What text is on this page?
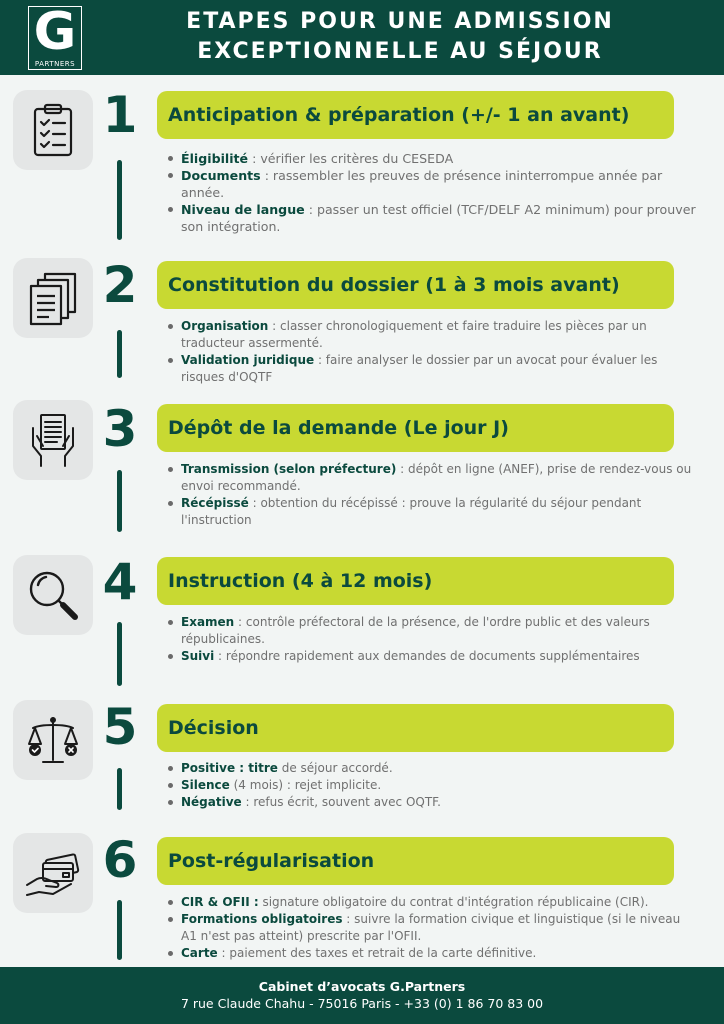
G
PARTNERS
ETAPES POUR UNE ADMISSION
EXCEPTIONNELLE AU SÉJOUR
1	Anticipation & préparation (+/- 1 an avant)
Éligibilité : vérifier les critères du CESEDA
Documents : rassembler les preuves de présence ininterrompue année par année.
Niveau de langue : passer un test officiel (TCF/DELF A2 minimum) pour prouver son intégration.
2	Constitution du dossier (1 à 3 mois avant)
Organisation : classer chronologiquement et faire traduire les pièces par un traducteur assermenté.
Validation juridique : faire analyser le dossier par un avocat pour évaluer les risques d'OQTF
3	Dépôt de la demande (Le jour J)
Transmission (selon préfecture) : dépôt en ligne (ANEF), prise de rendez-vous ou envoi recommandé.
Récépissé : obtention du récépissé : prouve la régularité du séjour pendant l'instruction
4	Instruction (4 à 12 mois)
Examen : contrôle préfectoral de la présence, de l'ordre public et des valeurs républicaines.
Suivi : répondre rapidement aux demandes de documents supplémentaires
5	Décision
Positive : titre de séjour accordé.
Silence (4 mois) : rejet implicite.
Négative : refus écrit, souvent avec OQTF.
6	Post-régularisation
CIR & OFII : signature obligatoire du contrat d'intégration républicaine (CIR).
Formations obligatoires : suivre la formation civique et linguistique (si le niveau A1 n'est pas atteint) prescrite par l'OFII.
Carte : paiement des taxes et retrait de la carte définitive.
Cabinet d’avocats G.Partners
7 rue Claude Chahu - 75016 Paris - +33 (0) 1 86 70 83 00
